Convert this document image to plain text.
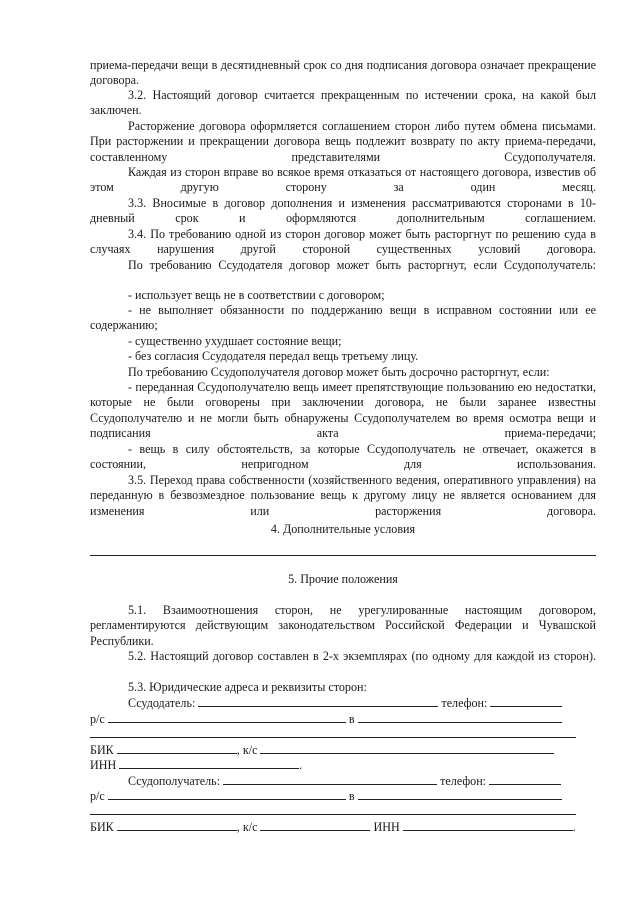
приема-передачи вещи в десятидневный срок со дня подписания договора означает прекращение договора.
3.2. Настоящий договор считается прекращенным по истечении срока, на какой был заключен.
Расторжение договора оформляется соглашением сторон либо путем обмена письмами. При расторжении и прекращении договора вещь подлежит возврату по акту приема-передачи, составленному представителями Ссудополучателя.
Каждая из сторон вправе во всякое время отказаться от настоящего договора, известив об этом другую сторону за один месяц.
3.3. Вносимые в договор дополнения и изменения рассматриваются сторонами в 10-дневный срок и оформляются дополнительным соглашением.
3.4. По требованию одной из сторон договор может быть расторгнут по решению суда в случаях нарушения другой стороной существенных условий договора.
По требованию Ссудодателя договор может быть расторгнут, если Ссудополучатель:
- использует вещь не в соответствии с договором;
- не выполняет обязанности по поддержанию вещи в исправном состоянии или ее содержанию;
- существенно ухудшает состояние вещи;
- без согласия Ссудодателя передал вещь третьему лицу.
По требованию Ссудополучателя договор может быть досрочно расторгнут, если:
- переданная Ссудополучателю вещь имеет препятствующие пользованию ею недостатки, которые не были оговорены при заключении договора, не были заранее известны Ссудополучателю и не могли быть обнаружены Ссудополучателем во время осмотра вещи и подписания акта приема-передачи;
- вещь в силу обстоятельств, за которые Ссудополучатель не отвечает, окажется в состоянии, непригодном для использования.
3.5. Переход права собственности (хозяйственного ведения, оперативного управления) на переданную в безвозмездное пользование вещь к другому лицу не является основанием для изменения или расторжения договора.
4. Дополнительные условия
5. Прочие положения
5.1. Взаимоотношения сторон, не урегулированные настоящим договором, регламентируются действующим законодательством Российской Федерации и Чувашской Республики.
5.2. Настоящий договор составлен в 2-х экземплярах (по одному для каждой из сторон).
5.3. Юридические адреса и реквизиты сторон:
Ссудодатель:	телефон:
р/с	в
БИК	, к/с
ИНН	.
Ссудополучатель:	телефон:
р/с	в
БИК	, к/с	ИНН	.
